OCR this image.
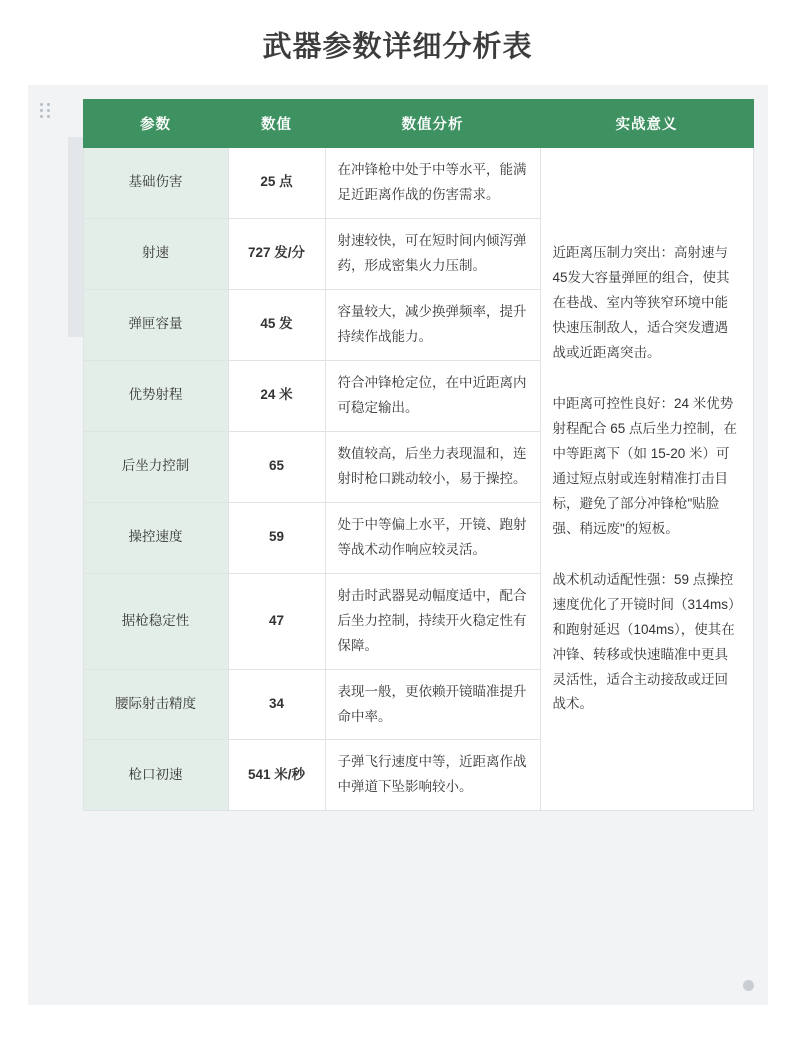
武器参数详细分析表
参数	数值	数值分析	实战意义
基础伤害	25 点	在冲锋枪中处于中等水平，能满足近距离作战的伤害需求。	近距离压制力突出：高射速与45发大容量弹匣的组合，使其在巷战、室内等狭窄环境中能快速压制敌人，适合突发遭遇战或近距离突击。

中距离可控性良好：24 米优势射程配合 65 点后坐力控制，在中等距离下（如 15-20 米）可通过短点射或连射精准打击目标，避免了部分冲锋枪"贴脸强、稍远废"的短板。

战术机动适配性强：59 点操控速度优化了开镜时间（314ms）和跑射延迟（104ms），使其在冲锋、转移或快速瞄准中更具灵活性，适合主动接敌或迂回战术。

射速	727 发/分	射速较快，可在短时间内倾泻弹药，形成密集火力压制。	
弹匣容量	45 发	容量较大，减少换弹频率，提升持续作战能力。	
优势射程	24 米	符合冲锋枪定位，在中近距离内可稳定输出。	
后坐力控制	65	数值较高，后坐力表现温和，连射时枪口跳动较小，易于操控。	
操控速度	59	处于中等偏上水平，开镜、跑射等战术动作响应较灵活。	
据枪稳定性	47	射击时武器晃动幅度适中，配合后坐力控制，持续开火稳定性有保障。	
腰际射击精度	34	表现一般，更依赖开镜瞄准提升命中率。	
枪口初速	541 米/秒	子弹飞行速度中等，近距离作战中弹道下坠影响较小。	
